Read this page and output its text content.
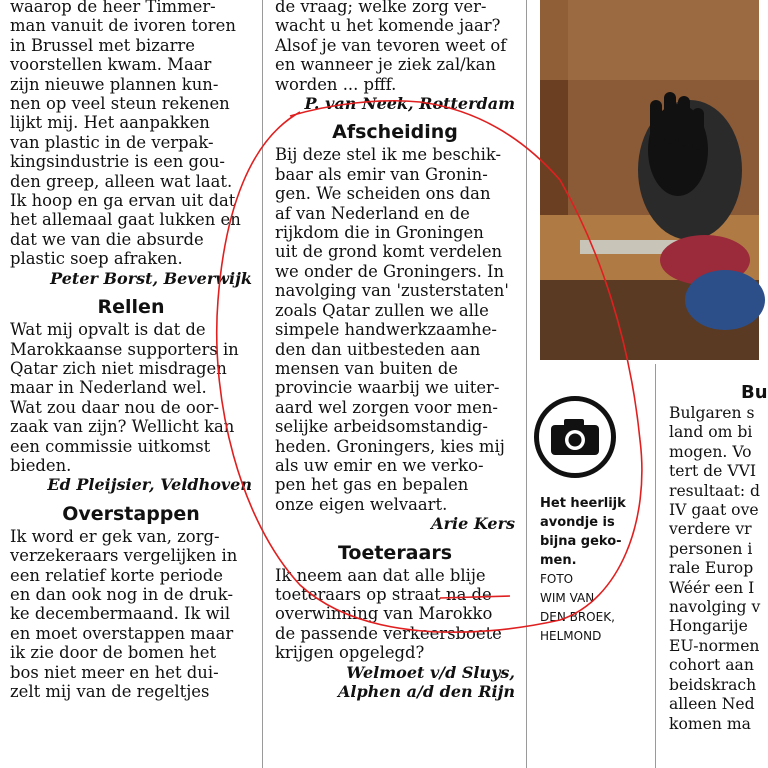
waarop de heer Timmer-
man vanuit de ivoren toren
in Brussel met bizarre
voorstellen kwam. Maar
zijn nieuwe plannen kun-
nen op veel steun rekenen
lijkt mij. Het aanpakken
van plastic in de verpak-
kingsindustrie is een gou-
den greep, alleen wat laat.
Ik hoop en ga ervan uit dat
het allemaal gaat lukken en
dat we van die absurde
plastic soep afraken.

Peter Borst, Beverwijk

Rellen

Wat mij opvalt is dat de
Marokkaanse supporters in
Qatar zich niet misdragen
maar in Nederland wel.
Wat zou daar nou de oor-
zaak van zijn? Wellicht kan
een commissie uitkomst
bieden.

Ed Pleijsier, Veldhoven

Overstappen

Ik word er gek van, zorg-
verzekeraars vergelijken in
een relatief korte periode
en dan ook nog in de druk-
ke decembermaand. Ik wil
en moet overstappen maar
ik zie door de bomen het
bos niet meer en het dui-
zelt mij van de regeltjes

de vraag; welke zorg ver-
wacht u het komende jaar?
Alsof je van tevoren weet of
en wanneer je ziek zal/kan
worden ... pfff.

P. van Neek, Rotterdam

Afscheiding

Bij deze stel ik me beschik-
baar als emir van Gronin-
gen. We scheiden ons dan
af van Nederland en de
rijkdom die in Groningen
uit de grond komt verdelen
we onder de Groningers. In
navolging van 'zusterstaten'
zoals Qatar zullen we alle
simpele handwerkzaamhe-
den dan uitbesteden aan
mensen van buiten de
provincie waarbij we uiter-
aard wel zorgen voor men-
selijke arbeidsomstandig-
heden. Groningers, kies mij
als uw emir en we verko-
pen het gas en bepalen
onze eigen welvaart.

Arie Kers

Toeteraars

Ik neem aan dat alle blije
toeteraars op straat na de
overwinning van Marokko
de passende verkeersboete
krijgen opgelegd?

Welmoet v/d Sluys,

Alphen a/d den Rijn

Het heerlijk
avondje is
bijna geko-
men.
FOTO
WIM VAN
DEN BROEK,
HELMOND
Bu

Bulgaren s
land om bi
mogen. Vo
tert de VVI
resultaat: d
IV gaat ove
verdere vr
personen i
rale Europ
Wéér een I
navolging v
Hongarije
EU-normen
cohort aan
beidskrach
alleen Ned
komen ma
